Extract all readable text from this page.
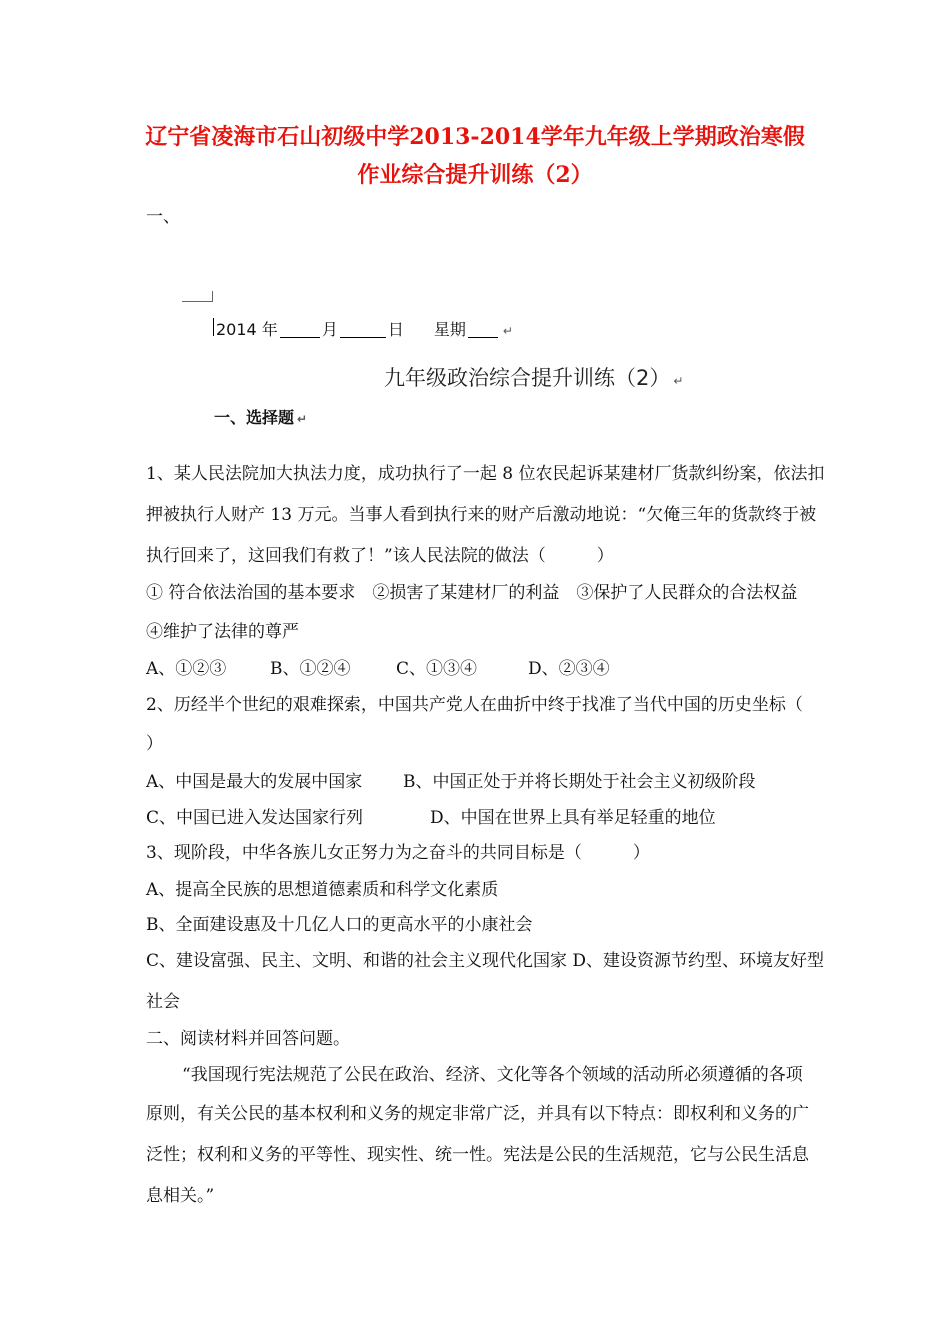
辽宁省凌海市石山初级中学2013-2014学年九年级上学期政治寒假
作业综合提升训练（2）
一、
2014 年	月	日 星期	↵
九年级政治综合提升训练（2） ↵
一、选择题 ↵
1、某人民法院加大执法力度，成功执行了一起 8 位农民起诉某建材厂货款纠纷案，依法扣
押被执行人财产 13 万元。当事人看到执行来的财产后激动地说：“欠俺三年的货款终于被
执行回来了，这回我们有救了！”该人民法院的做法（　　　）
① 符合依法治国的基本要求　②损害了某建材厂的利益　③保护了人民群众的合法权益
④维护了法律的尊严
A、①②③	B、①②④	C、①③④	D、②③④
2、历经半个世纪的艰难探索，中国共产党人在曲折中终于找准了当代中国的历史坐标（
）
A、中国是最大的发展中国家 B、中国正处于并将长期处于社会主义初级阶段
C、中国已进入发达国家行列	D、中国在世界上具有举足轻重的地位
3、现阶段，中华各族儿女正努力为之奋斗的共同目标是（　　　）
A、提高全民族的思想道德素质和科学文化素质
B、全面建设惠及十几亿人口的更高水平的小康社会
C、建设富强、民主、文明、和谐的社会主义现代化国家 D、建设资源节约型、环境友好型
社会
二、阅读材料并回答问题。
“我国现行宪法规范了公民在政治、经济、文化等各个领域的活动所必须遵循的各项
原则，有关公民的基本权利和义务的规定非常广泛，并具有以下特点：即权利和义务的广
泛性；权利和义务的平等性、现实性、统一性。宪法是公民的生活规范，它与公民生活息
息相关。”
